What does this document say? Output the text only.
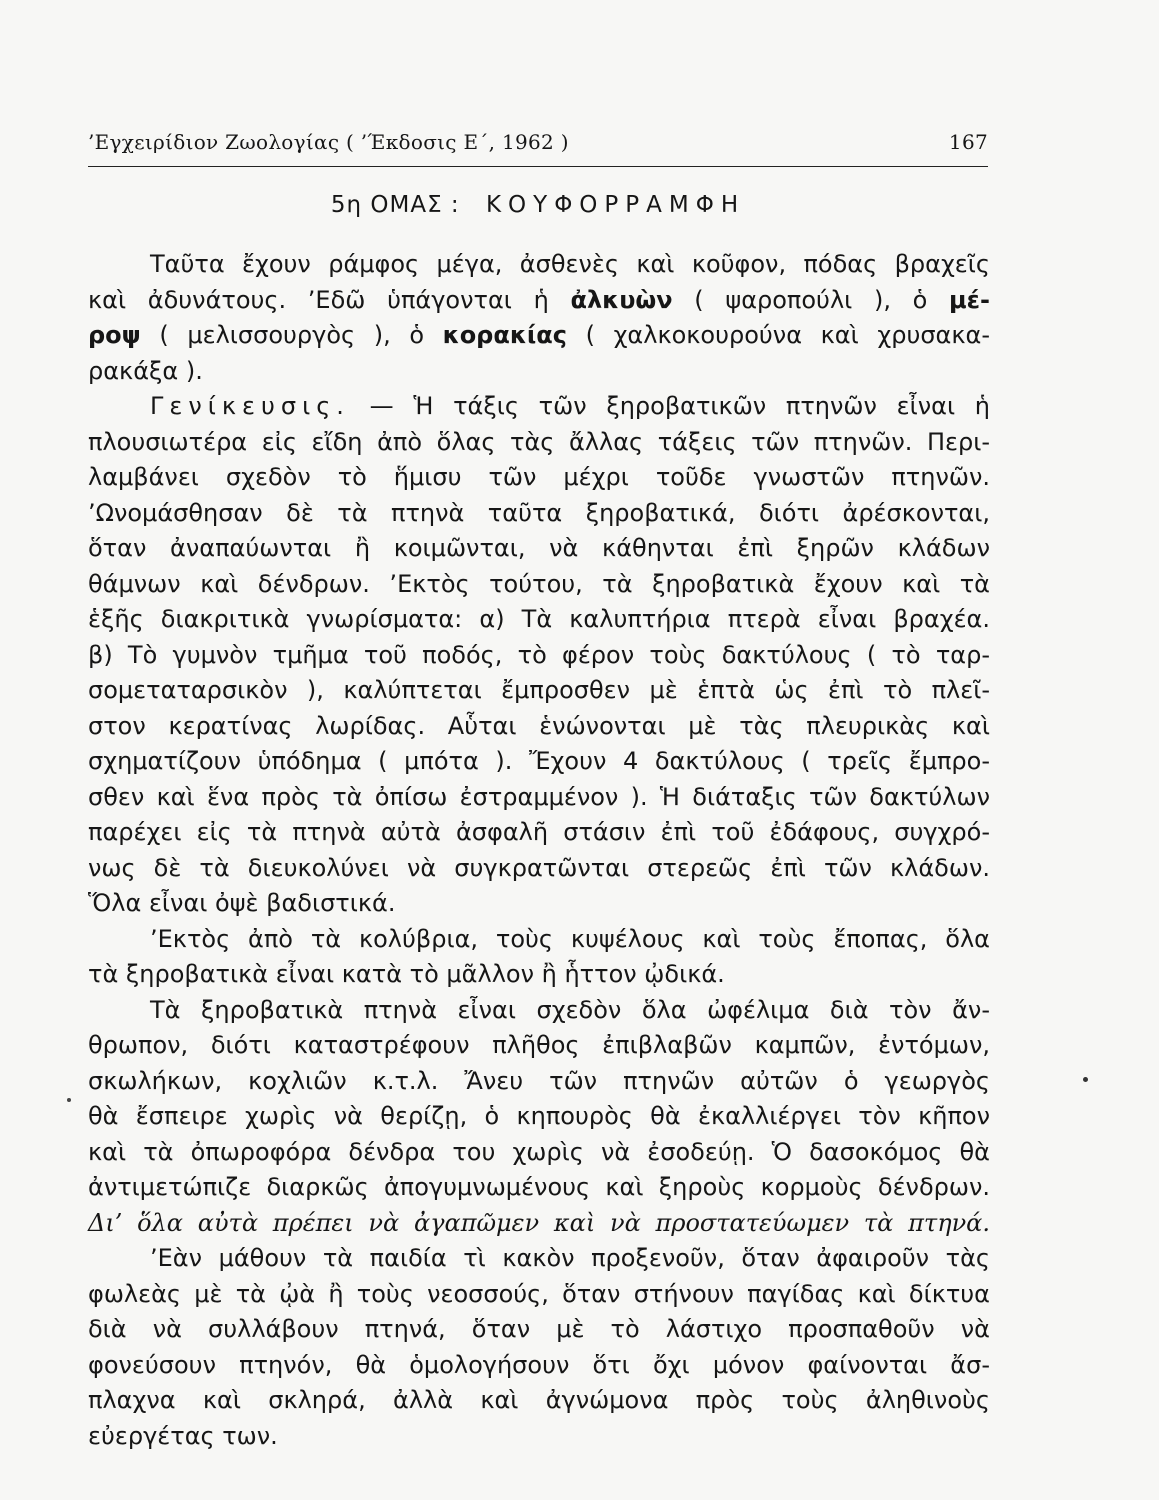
’Εγχειρίδιον Ζωολογίας ( ’Έκδοσις Ε΄, 1962 )	167
5η ΟΜΑΣ : ΚΟΥΦΟΡΡΑΜΦΗ
Ταῦτα ἔχουν ράμφος μέγα, ἀσθενὲς καὶ κοῦφον, πόδας βραχεῖς
καὶ ἀδυνάτους. ’Εδῶ ὑπάγονται ἡ ἀλκυὼν ( ψαροπούλι ), ὁ μέ-
ροψ ( μελισσουργὸς ), ὁ κορακίας ( χαλκοκουρούνα καὶ χρυσακα-
ρακάξα ).
Γενίκευσις. — Ἡ τάξις τῶν ξηροβατικῶν πτηνῶν εἶναι ἡ
πλουσιωτέρα εἰς εἴδη ἀπὸ ὅλας τὰς ἄλλας τάξεις τῶν πτηνῶν. Περι-
λαμβάνει σχεδὸν τὸ ἥμισυ τῶν μέχρι τοῦδε γνωστῶν πτηνῶν.
’Ωνομάσθησαν δὲ τὰ πτηνὰ ταῦτα ξηροβατικά, διότι ἀρέσκονται,
ὅταν ἀναπαύωνται ἢ κοιμῶνται, νὰ κάθηνται ἐπὶ ξηρῶν κλάδων
θάμνων καὶ δένδρων. ’Εκτὸς τούτου, τὰ ξηροβατικὰ ἔχουν καὶ τὰ
ἑξῆς διακριτικὰ γνωρίσματα: α) Τὰ καλυπτήρια πτερὰ εἶναι βραχέα.
β) Τὸ γυμνὸν τμῆμα τοῦ ποδός, τὸ φέρον τοὺς δακτύλους ( τὸ ταρ-
σομεταταρσικὸν ), καλύπτεται ἔμπροσθεν μὲ ἑπτὰ ὡς ἐπὶ τὸ πλεῖ-
στον κερατίνας λωρίδας. Αὗται ἑνώνονται μὲ τὰς πλευρικὰς καὶ
σχηματίζουν ὑπόδημα ( μπότα ). Ἔχουν 4 δακτύλους ( τρεῖς ἔμπρο-
σθεν καὶ ἕνα πρὸς τὰ ὀπίσω ἐστραμμένον ). Ἡ διάταξις τῶν δακτύλων
παρέχει εἰς τὰ πτηνὰ αὐτὰ ἀσφαλῆ στάσιν ἐπὶ τοῦ ἐδάφους, συγχρό-
νως δὲ τὰ διευκολύνει νὰ συγκρατῶνται στερεῶς ἐπὶ τῶν κλάδων.
Ὅλα εἶναι ὀψὲ βαδιστικά.
’Εκτὸς ἀπὸ τὰ κολύβρια, τοὺς κυψέλους καὶ τοὺς ἔποπας, ὅλα
τὰ ξηροβατικὰ εἶναι κατὰ τὸ μᾶλλον ἢ ἧττον ᾠδικά.
Τὰ ξηροβατικὰ πτηνὰ εἶναι σχεδὸν ὅλα ὠφέλιμα διὰ τὸν ἄν-
θρωπον, διότι καταστρέφουν πλῆθος ἐπιβλαβῶν καμπῶν, ἐντόμων,
σκωλήκων, κοχλιῶν κ.τ.λ. Ἄνευ τῶν πτηνῶν αὐτῶν ὁ γεωργὸς
θὰ ἔσπειρε χωρὶς νὰ θερίζῃ, ὁ κηπουρὸς θὰ ἐκαλλιέργει τὸν κῆπον
καὶ τὰ ὀπωροφόρα δένδρα του χωρὶς νὰ ἐσοδεύῃ. Ὁ δασοκόμος θὰ
ἀντιμετώπιζε διαρκῶς ἀπογυμνωμένους καὶ ξηροὺς κορμοὺς δένδρων.
Δι’ ὅλα αὐτὰ πρέπει νὰ ἀγαπῶμεν καὶ νὰ προστατεύωμεν τὰ πτηνά.
’Εὰν μάθουν τὰ παιδία τὶ κακὸν προξενοῦν, ὅταν ἀφαιροῦν τὰς
φωλεὰς μὲ τὰ ᾠὰ ἢ τοὺς νεοσσούς, ὅταν στήνουν παγίδας καὶ δίκτυα
διὰ νὰ συλλάβουν πτηνά, ὅταν μὲ τὸ λάστιχο προσπαθοῦν νὰ
φονεύσουν πτηνόν, θὰ ὁμολογήσουν ὅτι ὄχι μόνον φαίνονται ἄσ-
πλαχνα καὶ σκληρά, ἀλλὰ καὶ ἀγνώμονα πρὸς τοὺς ἀληθινοὺς
εὐεργέτας των.
